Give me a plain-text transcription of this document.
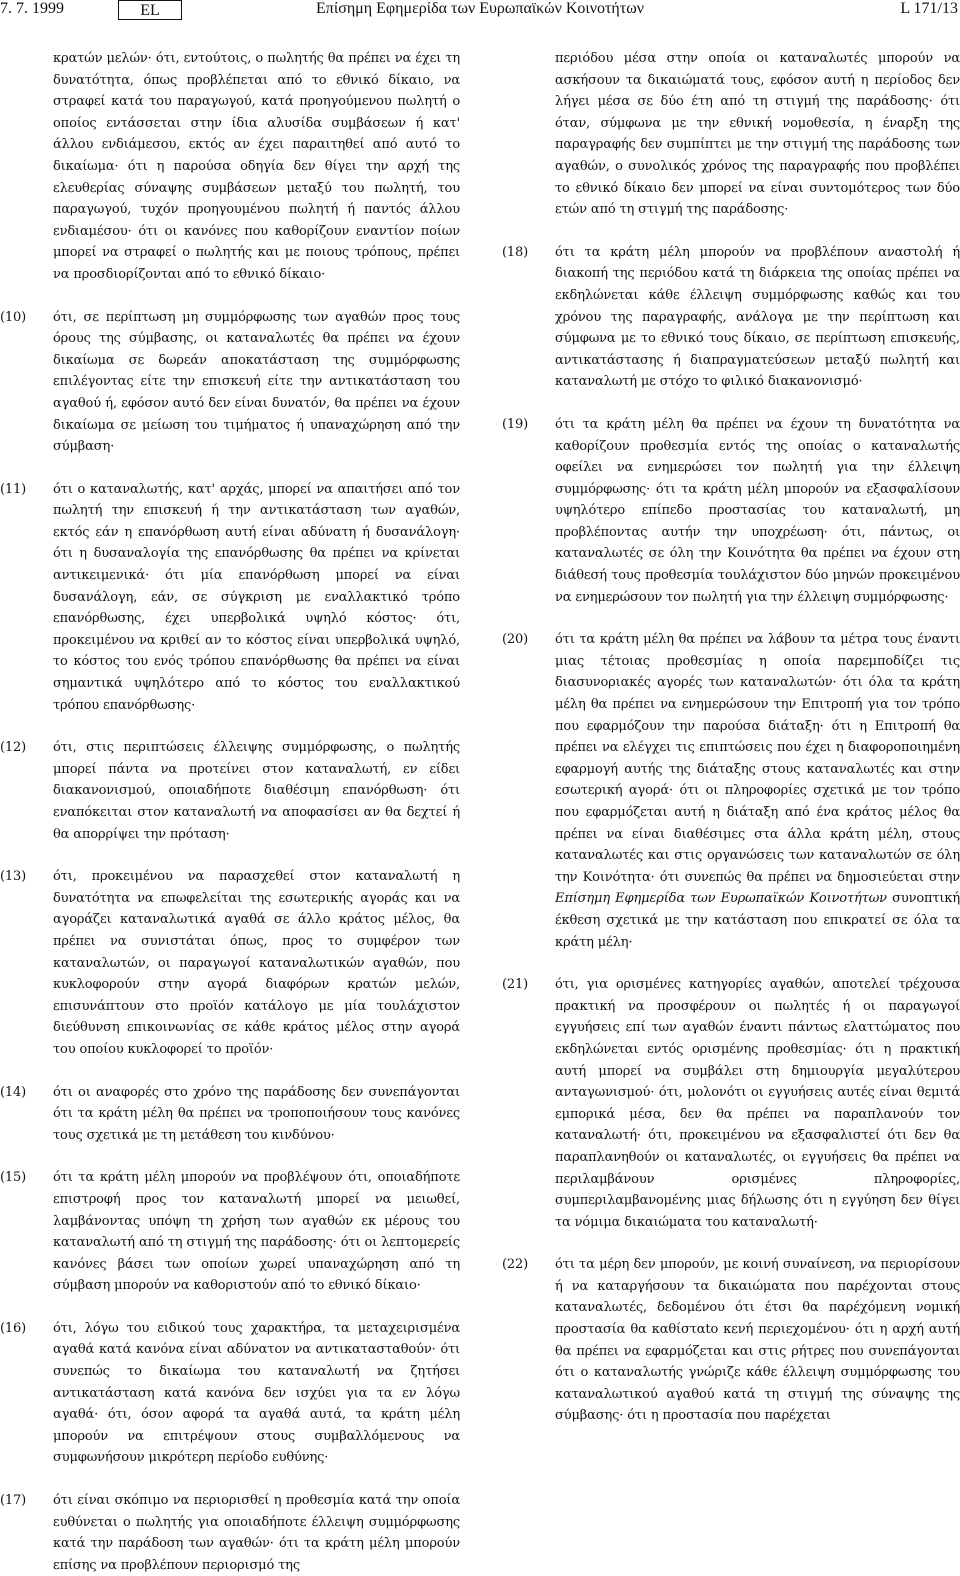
Επίσημη Εφημερίδα των Ευρωπαϊκών Κοινοτήτων
7. 7. 1999	EL	L 171/13
κρατών μελών· ότι, εντούτοις, ο πωλητής θα πρέπει να έχει τη δυνατότητα, όπως προβλέπεται από το εθνικό δίκαιο, να στραφεί κατά του παραγωγού, κατά προηγούμενου πωλητή ο οποίος εντάσσεται στην ίδια αλυσίδα συμβάσεων ή κατ' άλλου ενδιάμεσου, εκτός αν έχει παραιτηθεί από αυτό το δικαίωμα· ότι η παρούσα οδηγία δεν θίγει την αρχή της ελευθερίας σύναψης συμβάσεων μεταξύ του πωλητή, του παραγωγού, τυχόν προηγουμένου πωλητή ή παντός άλλου ενδιαμέσου· ότι οι κανόνες που καθορίζουν εναντίον ποίων μπορεί να στραφεί ο πωλητής και με ποιους τρόπους, πρέπει να προσδιορίζονται από το εθνικό δίκαιο·
(10) ότι, σε περίπτωση μη συμμόρφωσης των αγαθών προς τους όρους της σύμβασης, οι καταναλωτές θα πρέπει να έχουν δικαίωμα σε δωρεάν αποκατάσταση της συμμόρφωσης επιλέγοντας είτε την επισκευή είτε την αντικατάσταση του αγαθού ή, εφόσον αυτό δεν είναι δυνατόν, θα πρέπει να έχουν δικαίωμα σε μείωση του τιμήματος ή υπαναχώρηση από την σύμβαση·
(11) ότι ο καταναλωτής, κατ' αρχάς, μπορεί να απαιτήσει από τον πωλητή την επισκευή ή την αντικατάσταση των αγαθών, εκτός εάν η επανόρθωση αυτή είναι αδύνατη ή δυσανάλογη· ότι η δυσαναλογία της επανόρθωσης θα πρέπει να κρίνεται αντικειμενικά· ότι μία επανόρθωση μπορεί να είναι δυσανάλογη, εάν, σε σύγκριση με εναλλακτικό τρόπο επανόρθωσης, έχει υπερβολικά υψηλό κόστος· ότι, προκειμένου να κριθεί αν το κόστος είναι υπερβολικά υψηλό, το κόστος του ενός τρόπου επανόρθωσης θα πρέπει να είναι σημαντικά υψηλότερο από το κόστος του εναλλακτικού τρόπου επανόρθωσης·
(12) ότι, στις περιπτώσεις έλλειψης συμμόρφωσης, ο πωλητής μπορεί πάντα να προτείνει στον καταναλωτή, εν είδει διακανονισμού, οποιαδήποτε διαθέσιμη επανόρθωση· ότι εναπόκειται στον καταναλωτή να αποφασίσει αν θα δεχτεί ή θα απορρίψει την πρόταση·
(13) ότι, προκειμένου να παρασχεθεί στον καταναλωτή η δυνατότητα να επωφελείται της εσωτερικής αγοράς και να αγοράζει καταναλωτικά αγαθά σε άλλο κράτος μέλος, θα πρέπει να συνιστάται όπως, προς το συμφέρον των καταναλωτών, οι παραγωγοί καταναλωτικών αγαθών, που κυκλοφορούν στην αγορά διαφόρων κρατών μελών, επισυνάπτουν στο προϊόν κατάλογο με μία τουλάχιστον διεύθυνση επικοινωνίας σε κάθε κράτος μέλος στην αγορά του οποίου κυκλοφορεί το προϊόν·
(14) ότι οι αναφορές στο χρόνο της παράδοσης δεν συνεπάγονται ότι τα κράτη μέλη θα πρέπει να τροποποιήσουν τους κανόνες τους σχετικά με τη μετάθεση του κινδύνου·
(15) ότι τα κράτη μέλη μπορούν να προβλέψουν ότι, οποιαδήποτε επιστροφή προς τον καταναλωτή μπορεί να μειωθεί, λαμβάνοντας υπόψη τη χρήση των αγαθών εκ μέρους του καταναλωτή από τη στιγμή της παράδοσης· ότι οι λεπτομερείς κανόνες βάσει των οποίων χωρεί υπαναχώρηση από τη σύμβαση μπορούν να καθοριστούν από το εθνικό δίκαιο·
(16) ότι, λόγω του ειδικού τους χαρακτήρα, τα μεταχειρισμένα αγαθά κατά κανόνα είναι αδύνατον να αντικατασταθούν· ότι συνεπώς το δικαίωμα του καταναλωτή να ζητήσει αντικατάσταση κατά κανόνα δεν ισχύει για τα εν λόγω αγαθά· ότι, όσον αφορά τα αγαθά αυτά, τα κράτη μέλη μπορούν να επιτρέψουν στους συμβαλλόμενους να συμφωνήσουν μικρότερη περίοδο ευθύνης·
(17) ότι είναι σκόπιμο να περιορισθεί η προθεσμία κατά την οποία ευθύνεται ο πωλητής για οποιαδήποτε έλλειψη συμμόρφωσης κατά την παράδοση των αγαθών· ότι τα κράτη μέλη μπορούν επίσης να προβλέπουν περιορισμό της
περιόδου μέσα στην οποία οι καταναλωτές μπορούν να ασκήσουν τα δικαιώματά τους, εφόσον αυτή η περίοδος δεν λήγει μέσα σε δύο έτη από τη στιγμή της παράδοσης· ότι όταν, σύμφωνα με την εθνική νομοθεσία, η έναρξη της παραγραφής δεν συμπίπτει με την στιγμή της παράδοσης των αγαθών, ο συνολικός χρόνος της παραγραφής που προβλέπει το εθνικό δίκαιο δεν μπορεί να είναι συντομότερος των δύο ετών από τη στιγμή της παράδοσης·
(18) ότι τα κράτη μέλη μπορούν να προβλέπουν αναστολή ή διακοπή της περιόδου κατά τη διάρκεια της οποίας πρέπει να εκδηλώνεται κάθε έλλειψη συμμόρφωσης καθώς και του χρόνου της παραγραφής, ανάλογα με την περίπτωση και σύμφωνα με το εθνικό τους δίκαιο, σε περίπτωση επισκευής, αντικατάστασης ή διαπραγματεύσεων μεταξύ πωλητή και καταναλωτή με στόχο το φιλικό διακανονισμό·
(19) ότι τα κράτη μέλη θα πρέπει να έχουν τη δυνατότητα να καθορίζουν προθεσμία εντός της οποίας ο καταναλωτής οφείλει να ενημερώσει τον πωλητή για την έλλειψη συμμόρφωσης· ότι τα κράτη μέλη μπορούν να εξασφαλίσουν υψηλότερο επίπεδο προστασίας του καταναλωτή, μη προβλέποντας αυτήν την υποχρέωση· ότι, πάντως, οι καταναλωτές σε όλη την Κοινότητα θα πρέπει να έχουν στη διάθεσή τους προθεσμία τουλάχιστον δύο μηνών προκειμένου να ενημερώσουν τον πωλητή για την έλλειψη συμμόρφωσης·
(20) ότι τα κράτη μέλη θα πρέπει να λάβουν τα μέτρα τους έναντι μιας τέτοιας προθεσμίας η οποία παρεμποδίζει τις διασυνοριακές αγορές των καταναλωτών· ότι όλα τα κράτη μέλη θα πρέπει να ενημερώσουν την Επιτροπή για τον τρόπο που εφαρμόζουν την παρούσα διάταξη· ότι η Επιτροπή θα πρέπει να ελέγχει τις επιπτώσεις που έχει η διαφοροποιημένη εφαρμογή αυτής της διάταξης στους καταναλωτές και στην εσωτερική αγορά· ότι οι πληροφορίες σχετικά με τον τρόπο που εφαρμόζεται αυτή η διάταξη από ένα κράτος μέλος θα πρέπει να είναι διαθέσιμες στα άλλα κράτη μέλη, στους καταναλωτές και στις οργανώσεις των καταναλωτών σε όλη την Κοινότητα· ότι συνεπώς θα πρέπει να δημοσιεύεται στην Επίσημη Εφημερίδα των Ευρωπαϊκών Κοινοτήτων συνοπτική έκθεση σχετικά με την κατάσταση που επικρατεί σε όλα τα κράτη μέλη·
(21) ότι, για ορισμένες κατηγορίες αγαθών, αποτελεί τρέχουσα πρακτική να προσφέρουν οι πωλητές ή οι παραγωγοί εγγυήσεις επί των αγαθών έναντι πάντως ελαττώματος που εκδηλώνεται εντός ορισμένης προθεσμίας· ότι η πρακτική αυτή μπορεί να συμβάλει στη δημιουργία μεγαλύτερου ανταγωνισμού· ότι, μολονότι οι εγγυήσεις αυτές είναι θεμιτά εμπορικά μέσα, δεν θα πρέπει να παραπλανούν τον καταναλωτή· ότι, προκειμένου να εξασφαλιστεί ότι δεν θα παραπλανηθούν οι καταναλωτές, οι εγγυήσεις θα πρέπει να περιλαμβάνουν ορισμένες πληροφορίες, συμπεριλαμβανομένης μιας δήλωσης ότι η εγγύηση δεν θίγει τα νόμιμα δικαιώματα του καταναλωτή·
(22) ότι τα μέρη δεν μπορούν, με κοινή συναίνεση, να περιορίσουν ή να καταργήσουν τα δικαιώματα που παρέχονται στους καταναλωτές, δεδομένου ότι έτσι θα παρέχόμενη νομική προστασία θα καθίσταto κενή περιεχομένου· ότι η αρχή αυτή θα πρέπει να εφαρμόζεται και στις ρήτρες που συνεπάγονται ότι ο καταναλωτής γνώριζε κάθε έλλειψη συμμόρφωσης του καταναλωτικού αγαθού κατά τη στιγμή της σύναψης της σύμβασης· ότι η προστασία που παρέχεται
